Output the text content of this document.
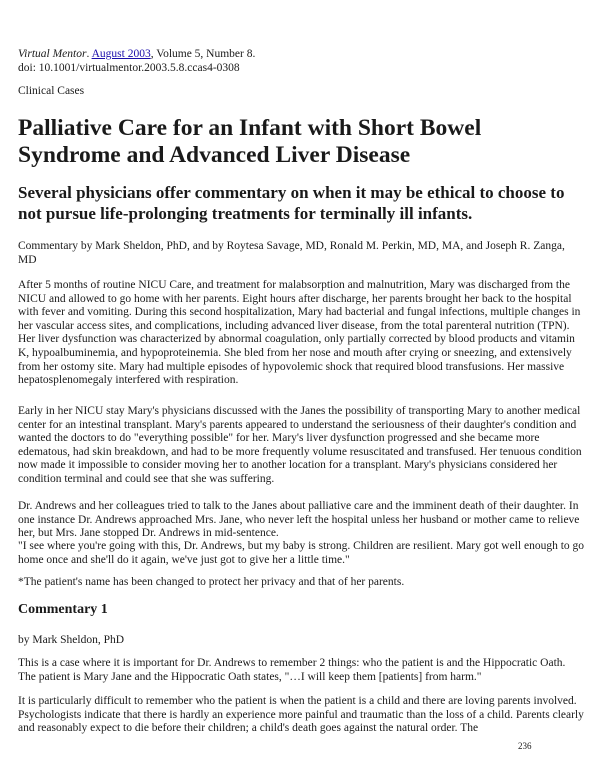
Virtual Mentor. August 2003, Volume 5, Number 8.
doi: 10.1001/virtualmentor.2003.5.8.ccas4-0308
Clinical Cases
Palliative Care for an Infant with Short Bowel Syndrome and Advanced Liver Disease
Several physicians offer commentary on when it may be ethical to choose to not pursue life-prolonging treatments for terminally ill infants.

Commentary by Mark Sheldon, PhD, and by Roytesa Savage, MD, Ronald M. Perkin, MD, MA, and Joseph R. Zanga, MD

After 5 months of routine NICU Care, and treatment for malabsorption and malnutrition, Mary was discharged from the NICU and allowed to go home with her parents. Eight hours after discharge, her parents brought her back to the hospital with fever and vomiting. During this second hospitalization, Mary had bacterial and fungal infections, multiple changes in her vascular access sites, and complications, including advanced liver disease, from the total parenteral nutrition (TPN). Her liver dysfunction was characterized by abnormal coagulation, only partially corrected by blood products and vitamin K, hypoalbuminemia, and hypoproteinemia. She bled from her nose and mouth after crying or sneezing, and extensively from her ostomy site. Mary had multiple episodes of hypovolemic shock that required blood transfusions. Her massive hepatosplenomegaly interfered with respiration.

Early in her NICU stay Mary's physicians discussed with the Janes the possibility of transporting Mary to another medical center for an intestinal transplant. Mary's parents appeared to understand the seriousness of their daughter's condition and wanted the doctors to do "everything possible" for her. Mary's liver dysfunction progressed and she became more edematous, had skin breakdown, and had to be more frequently volume resuscitated and transfused. Her tenuous condition now made it impossible to consider moving her to another location for a transplant. Mary's physicians considered her condition terminal and could see that she was suffering.

Dr. Andrews and her colleagues tried to talk to the Janes about palliative care and the imminent death of their daughter. In one instance Dr. Andrews approached Mrs. Jane, who never left the hospital unless her husband or mother came to relieve her, but Mrs. Jane stopped Dr. Andrews in mid-sentence.

"I see where you're going with this, Dr. Andrews, but my baby is strong. Children are resilient. Mary got well enough to go home once and she'll do it again, we've just got to give her a little time."

*The patient's name has been changed to protect her privacy and that of her parents.

Commentary 1

by Mark Sheldon, PhD

This is a case where it is important for Dr. Andrews to remember 2 things: who the patient is and the Hippocratic Oath. The patient is Mary Jane and the Hippocratic Oath states, "…I will keep them [patients] from harm."

It is particularly difficult to remember who the patient is when the patient is a child and there are loving parents involved. Psychologists indicate that there is hardly an experience more painful and traumatic than the loss of a child. Parents clearly and reasonably expect to die before their children; a child's death goes against the natural order. The

236
